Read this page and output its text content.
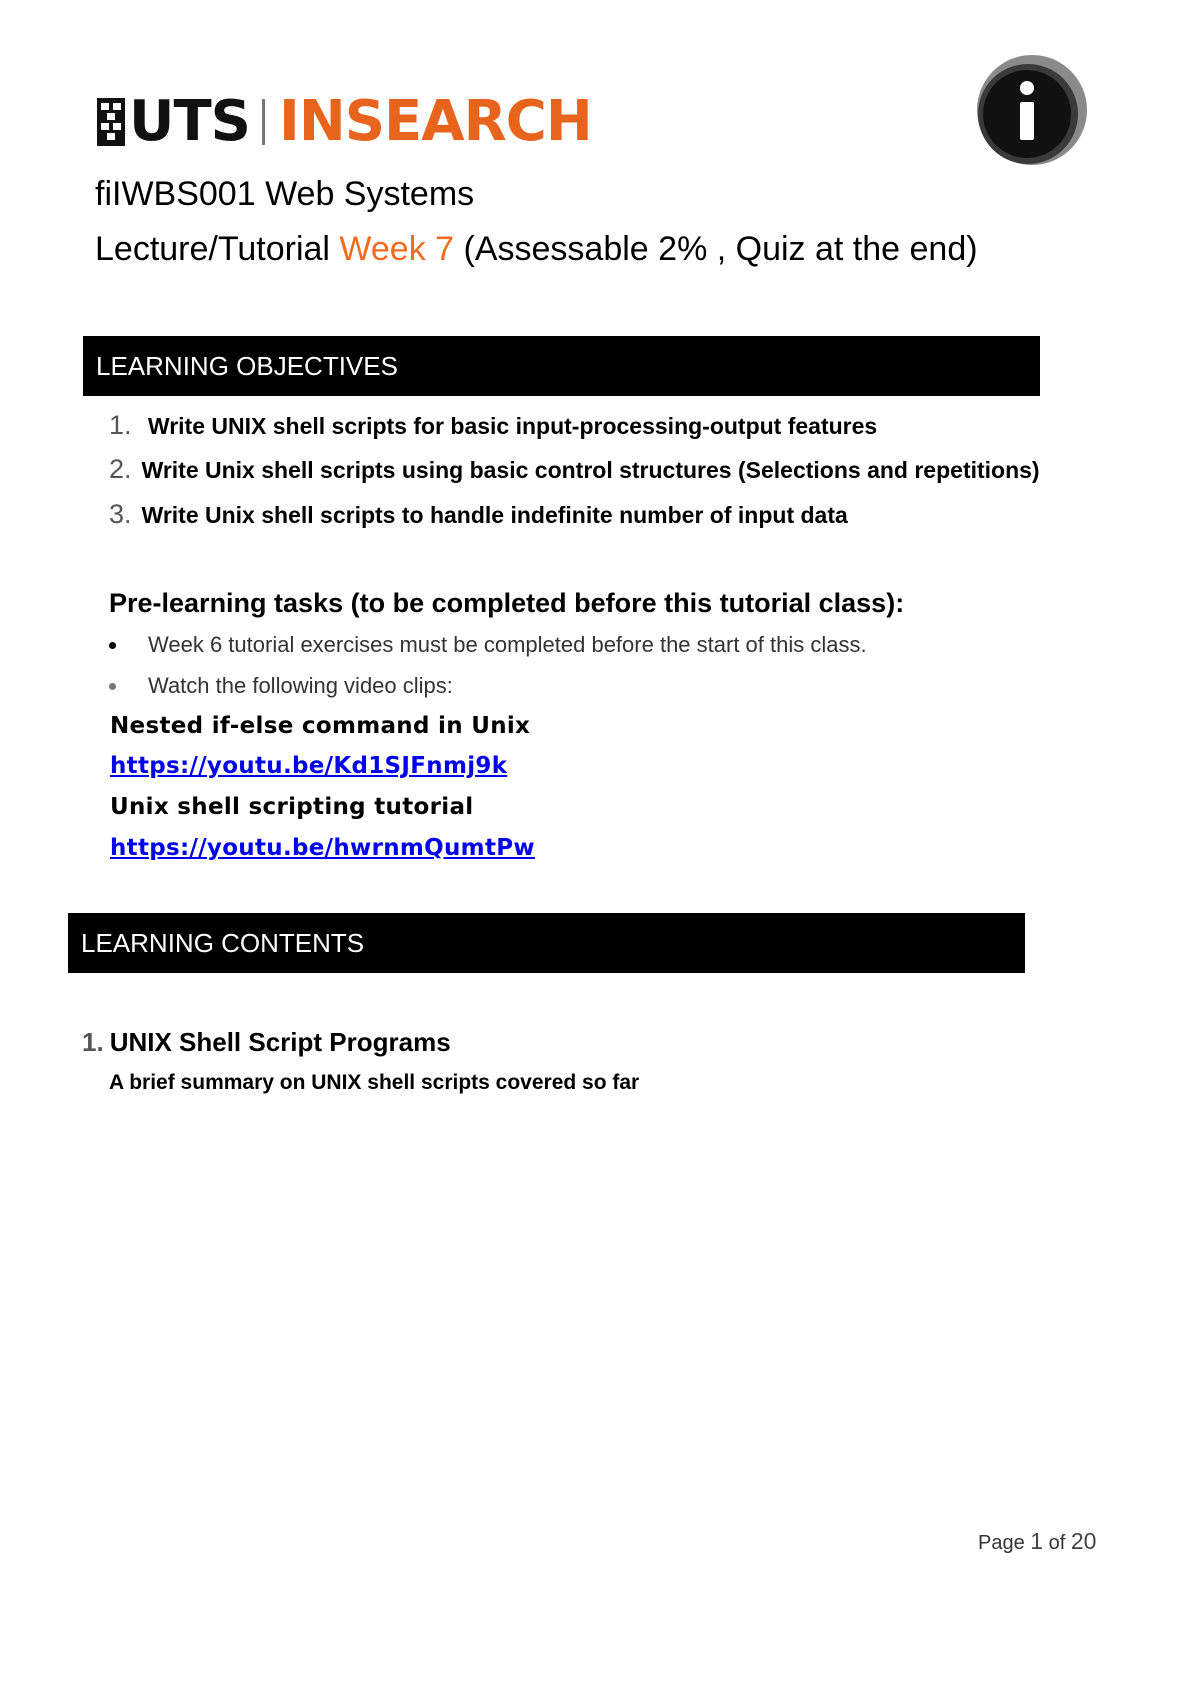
UTS INSEARCH
fiIWBS001 Web Systems
Lecture/Tutorial Week 7 (Assessable 2% , Quiz at the end)
LEARNING OBJECTIVES
1. Write UNIX shell scripts for basic input-processing-output features
2. Write Unix shell scripts using basic control structures (Selections and repetitions)
3. Write Unix shell scripts to handle indefinite number of input data
Pre-learning tasks (to be completed before this tutorial class):
Week 6 tutorial exercises must be completed before the start of this class.
Watch the following video clips:
Nested if-else command in Unix
https://youtu.be/Kd1SJFnmj9k
Unix shell scripting tutorial
https://youtu.be/hwrnmQumtPw
LEARNING CONTENTS
1. UNIX Shell Script Programs
A brief summary on UNIX shell scripts covered so far
Page 1 of 20
